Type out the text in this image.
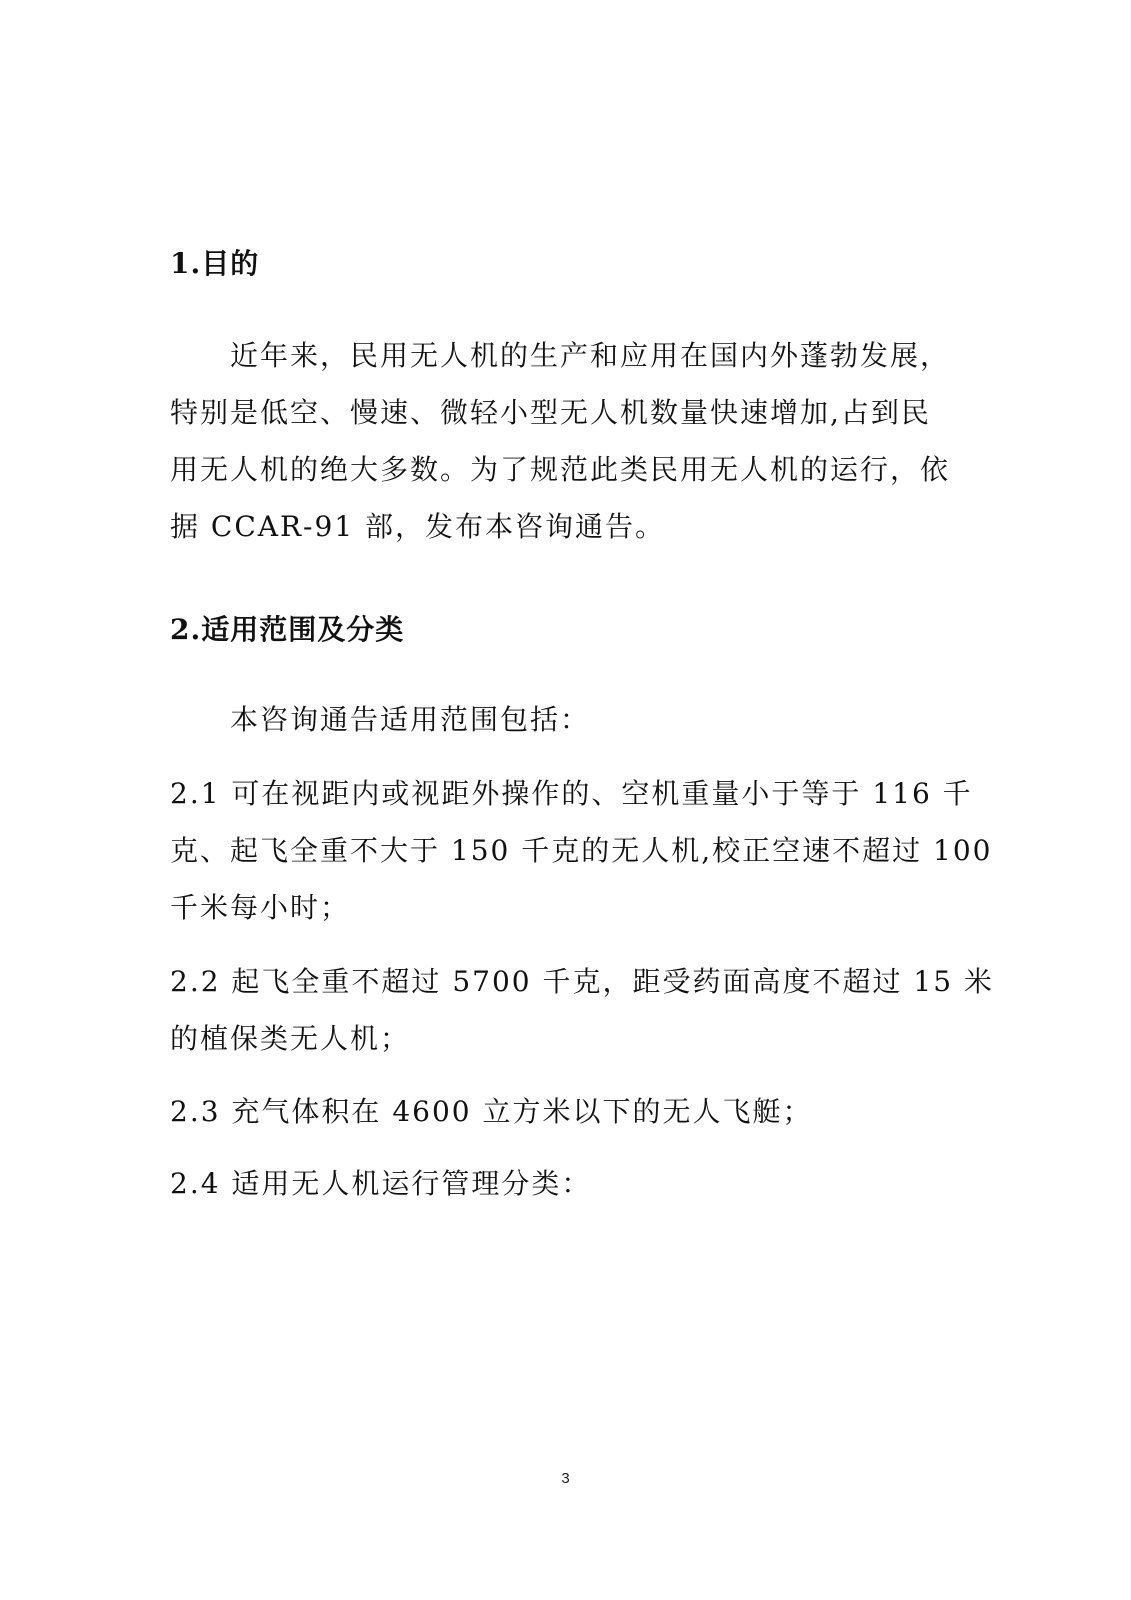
1.目的
近年来，民用无人机的生产和应用在国内外蓬勃发展，
特别是低空、慢速、微轻小型无人机数量快速增加,占到民
用无人机的绝大多数。为了规范此类民用无人机的运行，依
据 CCAR-91 部，发布本咨询通告。
2.适用范围及分类
本咨询通告适用范围包括：
2.1 可在视距内或视距外操作的、空机重量小于等于 116 千
克、起飞全重不大于 150 千克的无人机,校正空速不超过 100
千米每小时；
2.2 起飞全重不超过 5700 千克，距受药面高度不超过 15 米
的植保类无人机；
2.3 充气体积在 4600 立方米以下的无人飞艇；
2.4 适用无人机运行管理分类：
3
